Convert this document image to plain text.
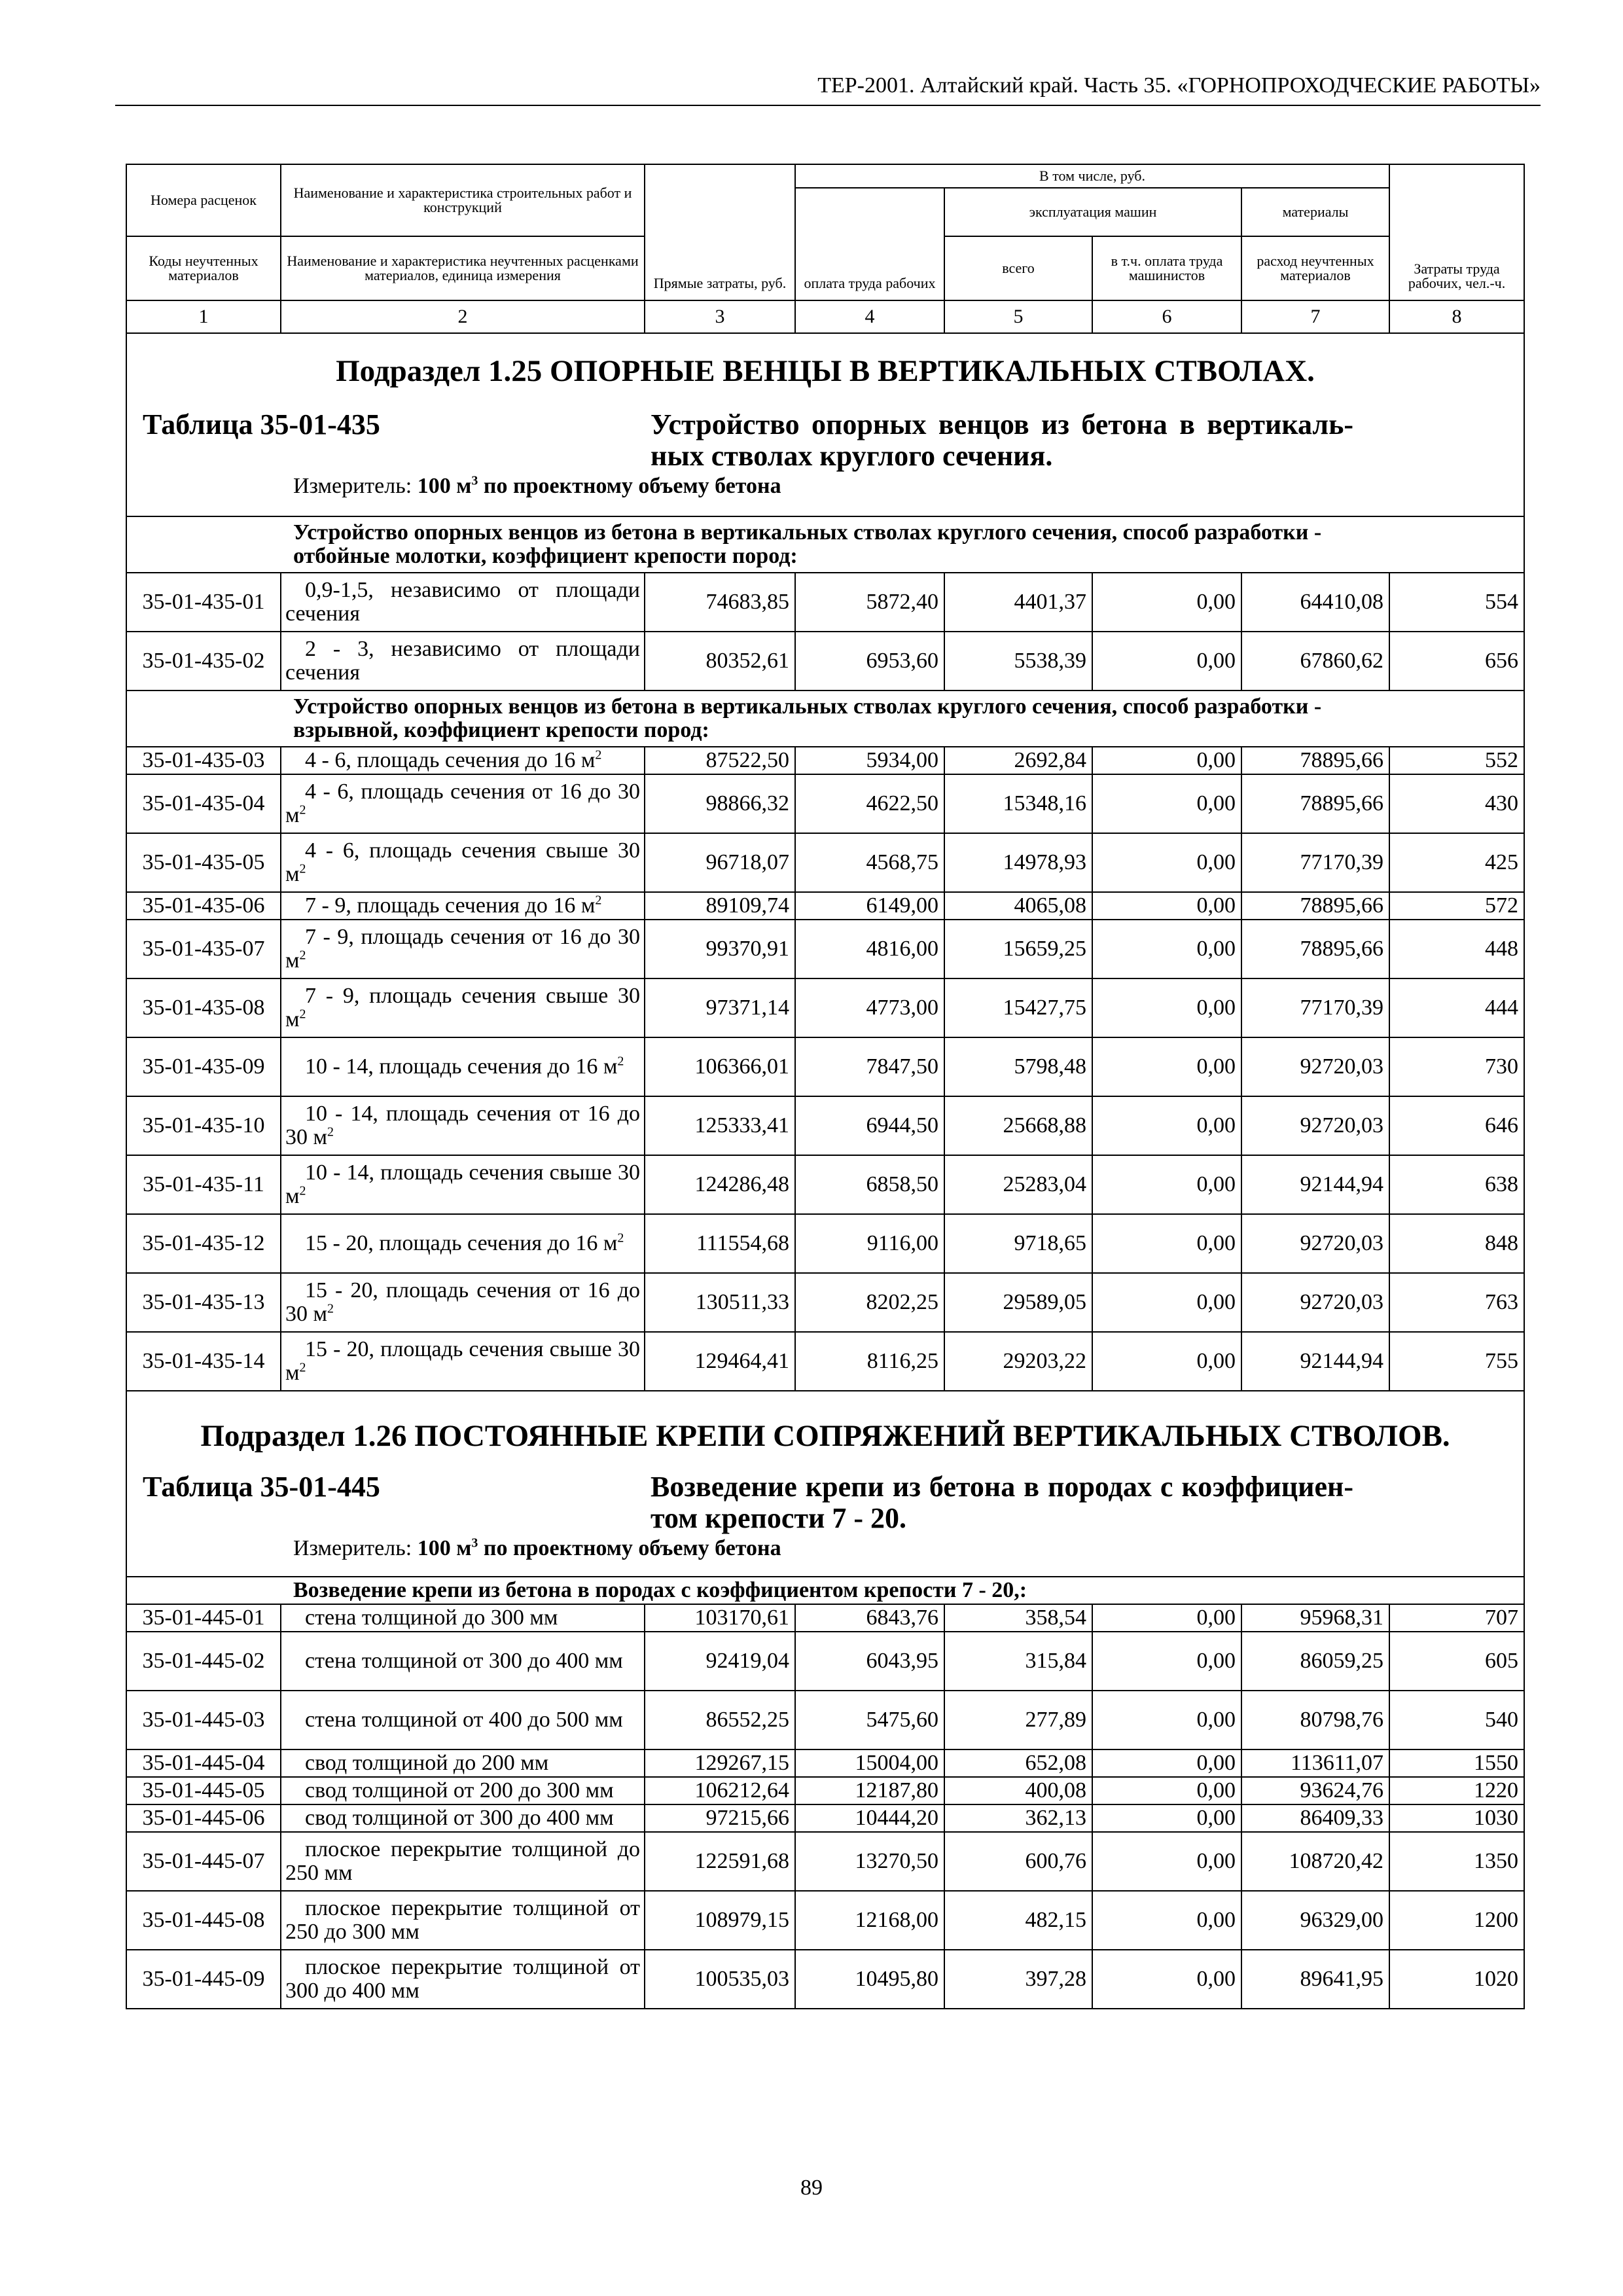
ТЕР-2001. Алтайский край. Часть 35. «ГОРНОПРОХОДЧЕСКИЕ РАБОТЫ»
Номера расценок	Наименование и характеристика строительных работ и конструкций	Прямые затраты, руб.	В том числе, руб.				Затраты труда рабочих, чел.-ч.
			оплата труда рабочих	эксплуатация машин		материалы	
Коды неучтенных материалов	Наименование и характеристика неучтенных расценками материалов, единица измерения			всего	в т.ч. оплата труда машинистов	расход неучтенных материалов	
1	2	3	4	5	6	7	8

Подраздел 1.25 ОПОРНЫЕ ВЕНЦЫ В ВЕРТИКАЛЬНЫХ СТВОЛАХ.
Таблица 35-01-435 Устройство опорных венцов из бетона в вертикаль-ных стволах круглого сечения.
Измеритель: 100 $м^3$ по проектному объему бетона							

Устройство опорных венцов из бетона в вертикальных стволах круглого сечения, способ разработки - отбойные молотки, коэффициент крепости пород:							
35-01-435-01	0,9-1,5, независимо от площади сечения	74683,85	5872,40	4401,37	0,00	64410,08	554
35-01-435-02	2 - 3, независимо от площади сечения	80352,61	6953,60	5538,39	0,00	67860,62	656
Устройство опорных венцов из бетона в вертикальных стволах круглого сечения, способ разработки - взрывной, коэффициент крепости пород:							
35-01-435-03	4 - 6, площадь сечения до 16 $м^2$	87522,50	5934,00	2692,84	0,00	78895,66	552
35-01-435-04	4 - 6, площадь сечения от 16 до 30 $м^2$	98866,32	4622,50	15348,16	0,00	78895,66	430
35-01-435-05	4 - 6, площадь сечения свыше 30 $м^2$	96718,07	4568,75	14978,93	0,00	77170,39	425
35-01-435-06	7 - 9, площадь сечения до 16 $м^2$	89109,74	6149,00	4065,08	0,00	78895,66	572
35-01-435-07	7 - 9, площадь сечения от 16 до 30 $м^2$	99370,91	4816,00	15659,25	0,00	78895,66	448
35-01-435-08	7 - 9, площадь сечения свыше 30 $м^2$	97371,14	4773,00	15427,75	0,00	77170,39	444
35-01-435-09	10 - 14, площадь сечения до 16 $м^2$	106366,01	7847,50	5798,48	0,00	92720,03	730
35-01-435-10	10 - 14, площадь сечения от 16 до 30 $м^2$	125333,41	6944,50	25668,88	0,00	92720,03	646
35-01-435-11	10 - 14, площадь сечения свыше 30 $м^2$	124286,48	6858,50	25283,04	0,00	92144,94	638
35-01-435-12	15 - 20, площадь сечения до 16 $м^2$	111554,68	9116,00	9718,65	0,00	92720,03	848
35-01-435-13	15 - 20, площадь сечения от 16 до 30 $м^2$	130511,33	8202,25	29589,05	0,00	92720,03	763
35-01-435-14	15 - 20, площадь сечения свыше 30 $м^2$	129464,41	8116,25	29203,22	0,00	92144,94	755

Подраздел 1.26 ПОСТОЯННЫЕ КРЕПИ СОПРЯЖЕНИЙ ВЕРТИКАЛЬНЫХ СТВОЛОВ.
Таблица 35-01-445 Возведение крепи из бетона в породах с коэффициен-том крепости 7 - 20.
Измеритель: 100 $м^3$ по проектному объему бетона							

Возведение крепи из бетона в породах с коэффициентом крепости 7 - 20,:							
35-01-445-01	стена толщиной до 300 мм	103170,61	6843,76	358,54	0,00	95968,31	707
35-01-445-02	стена толщиной от 300 до 400 мм	92419,04	6043,95	315,84	0,00	86059,25	605
35-01-445-03	стена толщиной от 400 до 500 мм	86552,25	5475,60	277,89	0,00	80798,76	540
35-01-445-04	свод толщиной до 200 мм	129267,15	15004,00	652,08	0,00	113611,07	1550
35-01-445-05	свод толщиной от 200 до 300 мм	106212,64	12187,80	400,08	0,00	93624,76	1220
35-01-445-06	свод толщиной от 300 до 400 мм	97215,66	10444,20	362,13	0,00	86409,33	1030
35-01-445-07	плоское перекрытие толщиной до 250 мм	122591,68	13270,50	600,76	0,00	108720,42	1350
35-01-445-08	плоское перекрытие толщиной от 250 до 300 мм	108979,15	12168,00	482,15	0,00	96329,00	1200
35-01-445-09	плоское перекрытие толщиной от 300 до 400 мм	100535,03	10495,80	397,28	0,00	89641,95	1020
89
